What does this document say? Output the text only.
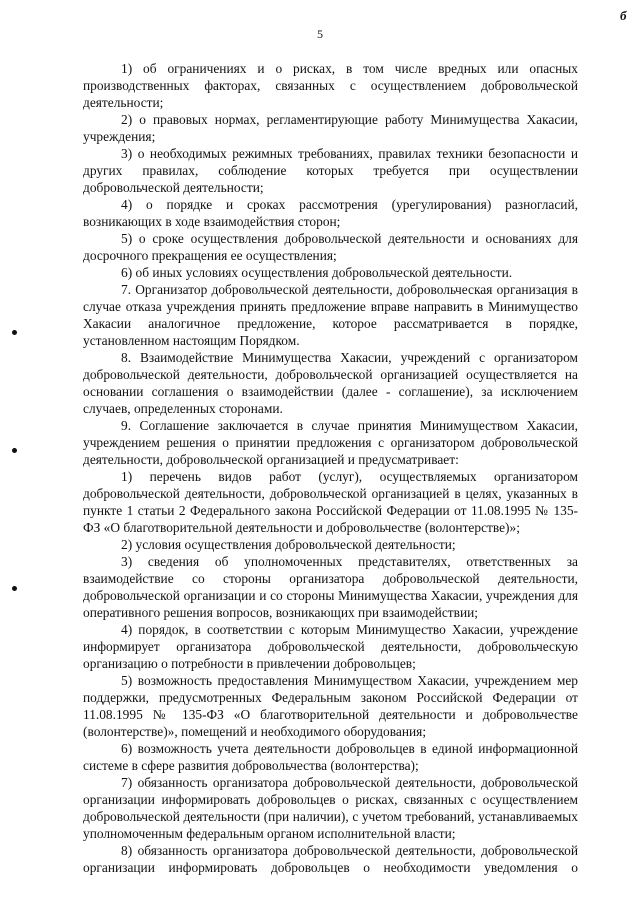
5
б

1) об ограничениях и о рисках, в том числе вредных или опасных производственных факторах, связанных с осуществлением добровольческой деятельности;

2) о правовых нормах, регламентирующие работу Минимущества Хакасии, учреждения;

3) о необходимых режимных требованиях, правилах техники безопасности и других правилах, соблюдение которых требуется при осуществлении добровольческой деятельности;

4) о порядке и сроках рассмотрения (урегулирования) разногласий, возникающих в ходе взаимодействия сторон;

5) о сроке осуществления добровольческой деятельности и основаниях для досрочного прекращения ее осуществления;

6) об иных условиях осуществления добровольческой деятельности.

7. Организатор добровольческой деятельности, добровольческая организация в случае отказа учреждения принять предложение вправе направить в Минимущество Хакасии аналогичное предложение, которое рассматривается в порядке, установленном настоящим Порядком.

8. Взаимодействие Минимущества Хакасии, учреждений с организатором добровольческой деятельности, добровольческой организацией осуществляется на основании соглашения о взаимодействии (далее - соглашение), за исключением случаев, определенных сторонами.

9. Соглашение заключается в случае принятия Минимуществом Хакасии, учреждением решения о принятии предложения с организатором добровольческой деятельности, добровольческой организацией и предусматривает:

1) перечень видов работ (услуг), осуществляемых организатором добровольческой деятельности, добровольческой организацией в целях, указанных в пункте 1 статьи 2 Федерального закона Российской Федерации от 11.08.1995 № 135-ФЗ «О благотворительной деятельности и добровольчестве (волонтерстве)»;

2) условия осуществления добровольческой деятельности;

3) сведения об уполномоченных представителях, ответственных за взаимодействие со стороны организатора добровольческой деятельности, добровольческой организации и со стороны Минимущества Хакасии, учреждения для оперативного решения вопросов, возникающих при взаимодействии;

4) порядок, в соответствии с которым Минимущество Хакасии, учреждение информирует организатора добровольческой деятельности, добровольческую организацию о потребности в привлечении добровольцев;

5) возможность предоставления Минимуществом Хакасии, учреждением мер поддержки, предусмотренных Федеральным законом Российской Федерации от 11.08.1995 № 135-ФЗ «О благотворительной деятельности и добровольчестве (волонтерстве)», помещений и необходимого оборудования;

6) возможность учета деятельности добровольцев в единой информационной системе в сфере развития добровольчества (волонтерства);

7) обязанность организатора добровольческой деятельности, добровольческой организации информировать добровольцев о рисках, связанных с осуществлением добровольческой деятельности (при наличии), с учетом требований, устанавливаемых уполномоченным федеральным органом исполнительной власти;

8) обязанность организатора добровольческой деятельности, добровольческой организации информировать добровольцев о необходимости уведомления о
